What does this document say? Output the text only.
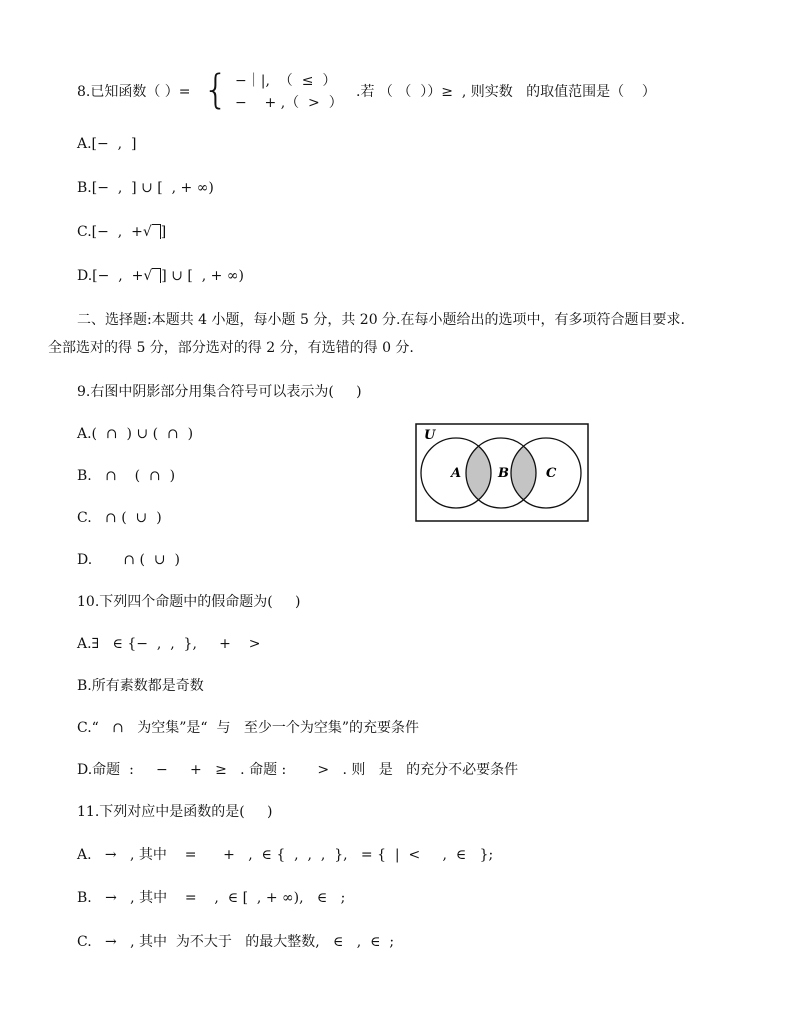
8.已知函数（ ）= { −｜|,  （  ≤  ）
−    + ,（  >  ）
.若 （ （  ））≥  , 则实数   的取值范围是（    ）
A.[−  ,  ]
B.[−  ,  ] ∪ [  , + ∞)
C.[−  ,  +√ ]
D.[−  ,  +√ ] ∪ [  , + ∞)
二、选择题:本题共 4 小题，每小题 5 分，共 20 分.在每小题给出的选项中，有多项符合题目要求.
全部选对的得 5 分，部分选对的得 2 分，有选错的得 0 分.
9.右图中阴影部分用集合符号可以表示为(     )
A.(  ∩  ) ∪ (  ∩  )
B.   ∩    (  ∩  )
C.   ∩ (  ∪  )
D.       ∩ (  ∪  )
U
A	B	C
10.下列四个命题中的假命题为(     )
A.∃   ∈ {−  ,  ,  },     +    >
B.所有素数都是奇数
C.“   ∩   为空集”是“  与   至少一个为空集”的充要条件
D.命题  :     −     +   ≥   . 命题 :       >   . 则   是   的充分不必要条件
11.下列对应中是函数的是(     )
A.   →   , 其中    =      +   ,  ∈ {  ,  ,  ,  },   = {  |  <     ,  ∈   };
B.   →   , 其中    =    ,  ∈ [  , + ∞),   ∈   ;
C.   →   , 其中  为不大于   的最大整数,   ∈   ,  ∈  ;
